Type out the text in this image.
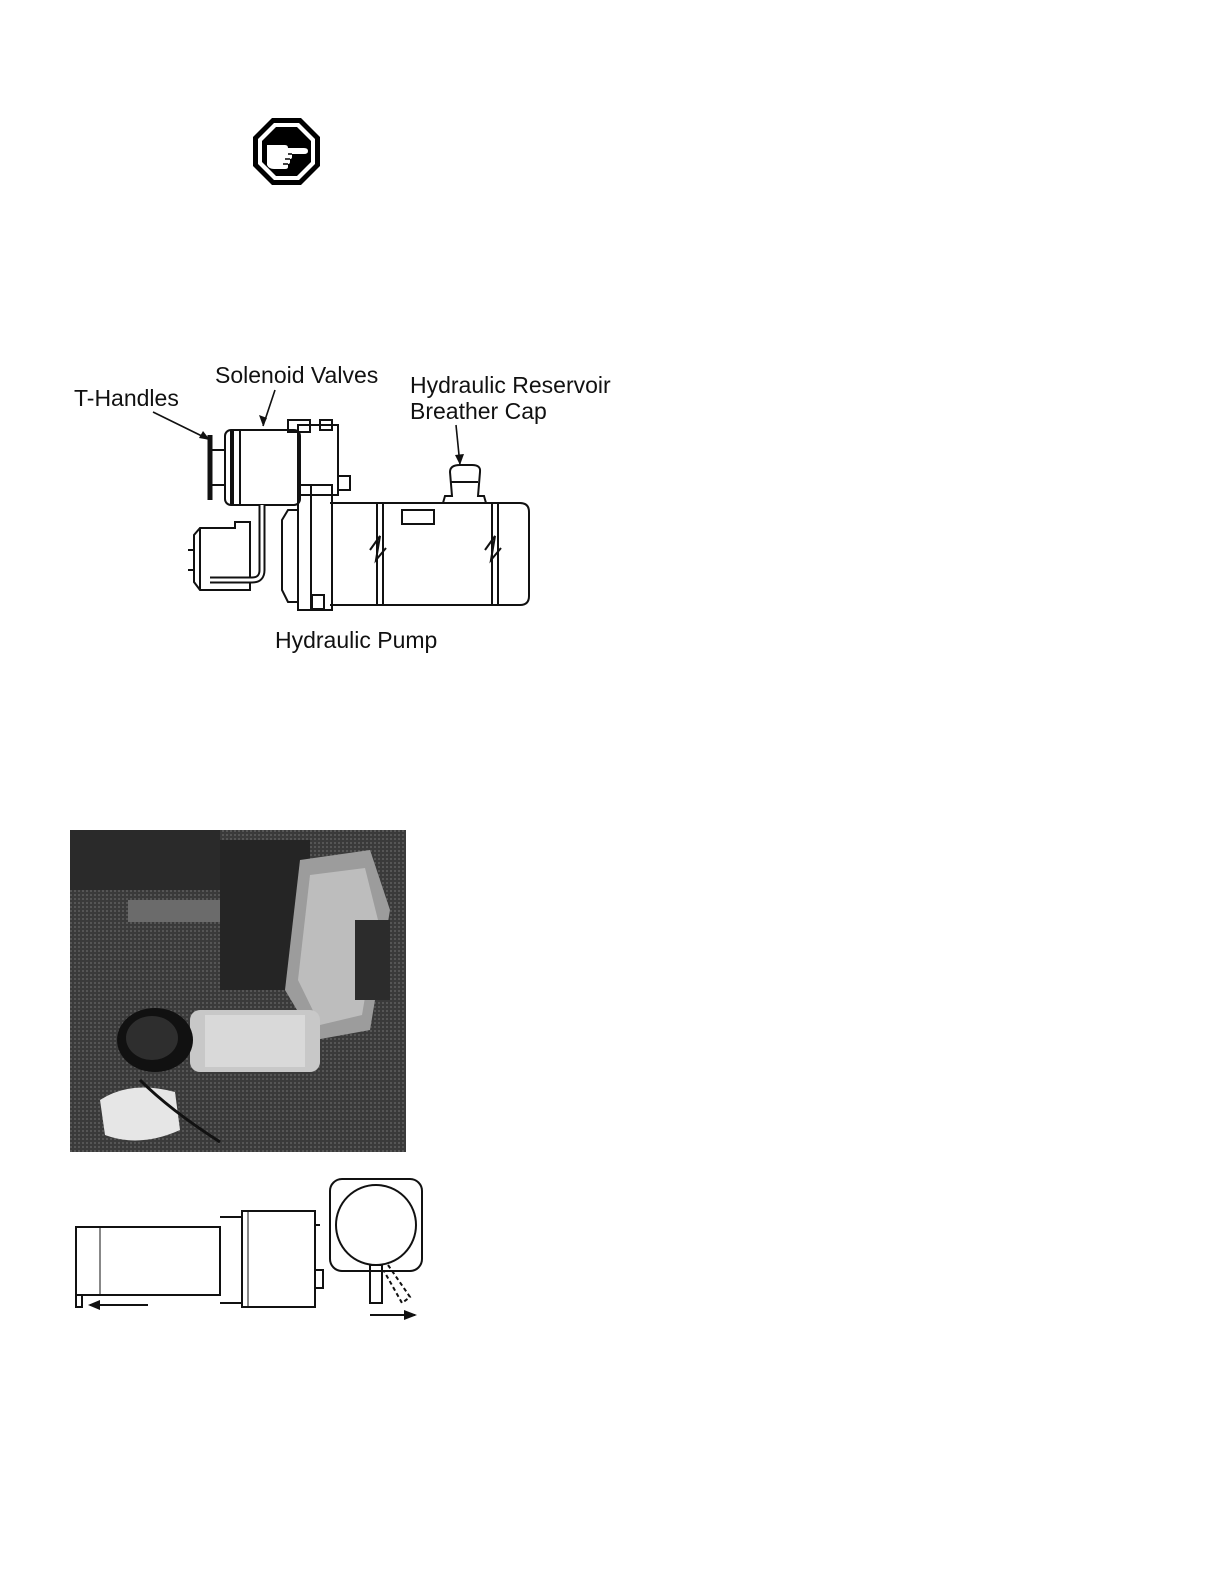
T-Handles
Solenoid Valves Hydraulic Reservoir
Breather Cap
Hydraulic Pump
